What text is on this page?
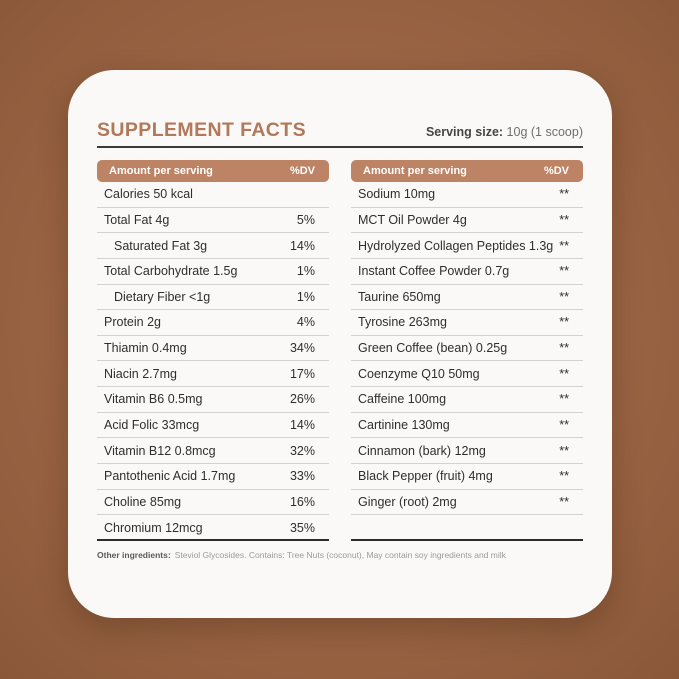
SUPPLEMENT FACTS	Serving size: 10g (1 scoop)
Amount per serving	%DV
Calories 50 kcal
Total Fat 4g	5%
Saturated Fat 3g	14%
Total Carbohydrate 1.5g	1%
Dietary Fiber <1g	1%
Protein 2g	4%
Thiamin 0.4mg	34%
Niacin 2.7mg	17%
Vitamin B6 0.5mg	26%
Acid Folic 33mcg	14%
Vitamin B12 0.8mcg	32%
Pantothenic Acid 1.7mg	33%
Choline 85mg	16%
Chromium 12mcg	35%
Amount per serving	%DV
Sodium 10mg	**
MCT Oil Powder 4g	**
Hydrolyzed Collagen Peptides 1.3g **
Instant Coffee Powder 0.7g	**
Taurine 650mg	**
Tyrosine 263mg	**
Green Coffee (bean) 0.25g	**
Coenzyme Q10 50mg	**
Caffeine 100mg	**
Cartinine 130mg	**
Cinnamon (bark) 12mg	**
Black Pepper (fruit) 4mg	**
Ginger (root) 2mg	**
Other ingredients: Steviol Glycosides. Contains: Tree Nuts (coconut), May contain soy ingredients and milk
